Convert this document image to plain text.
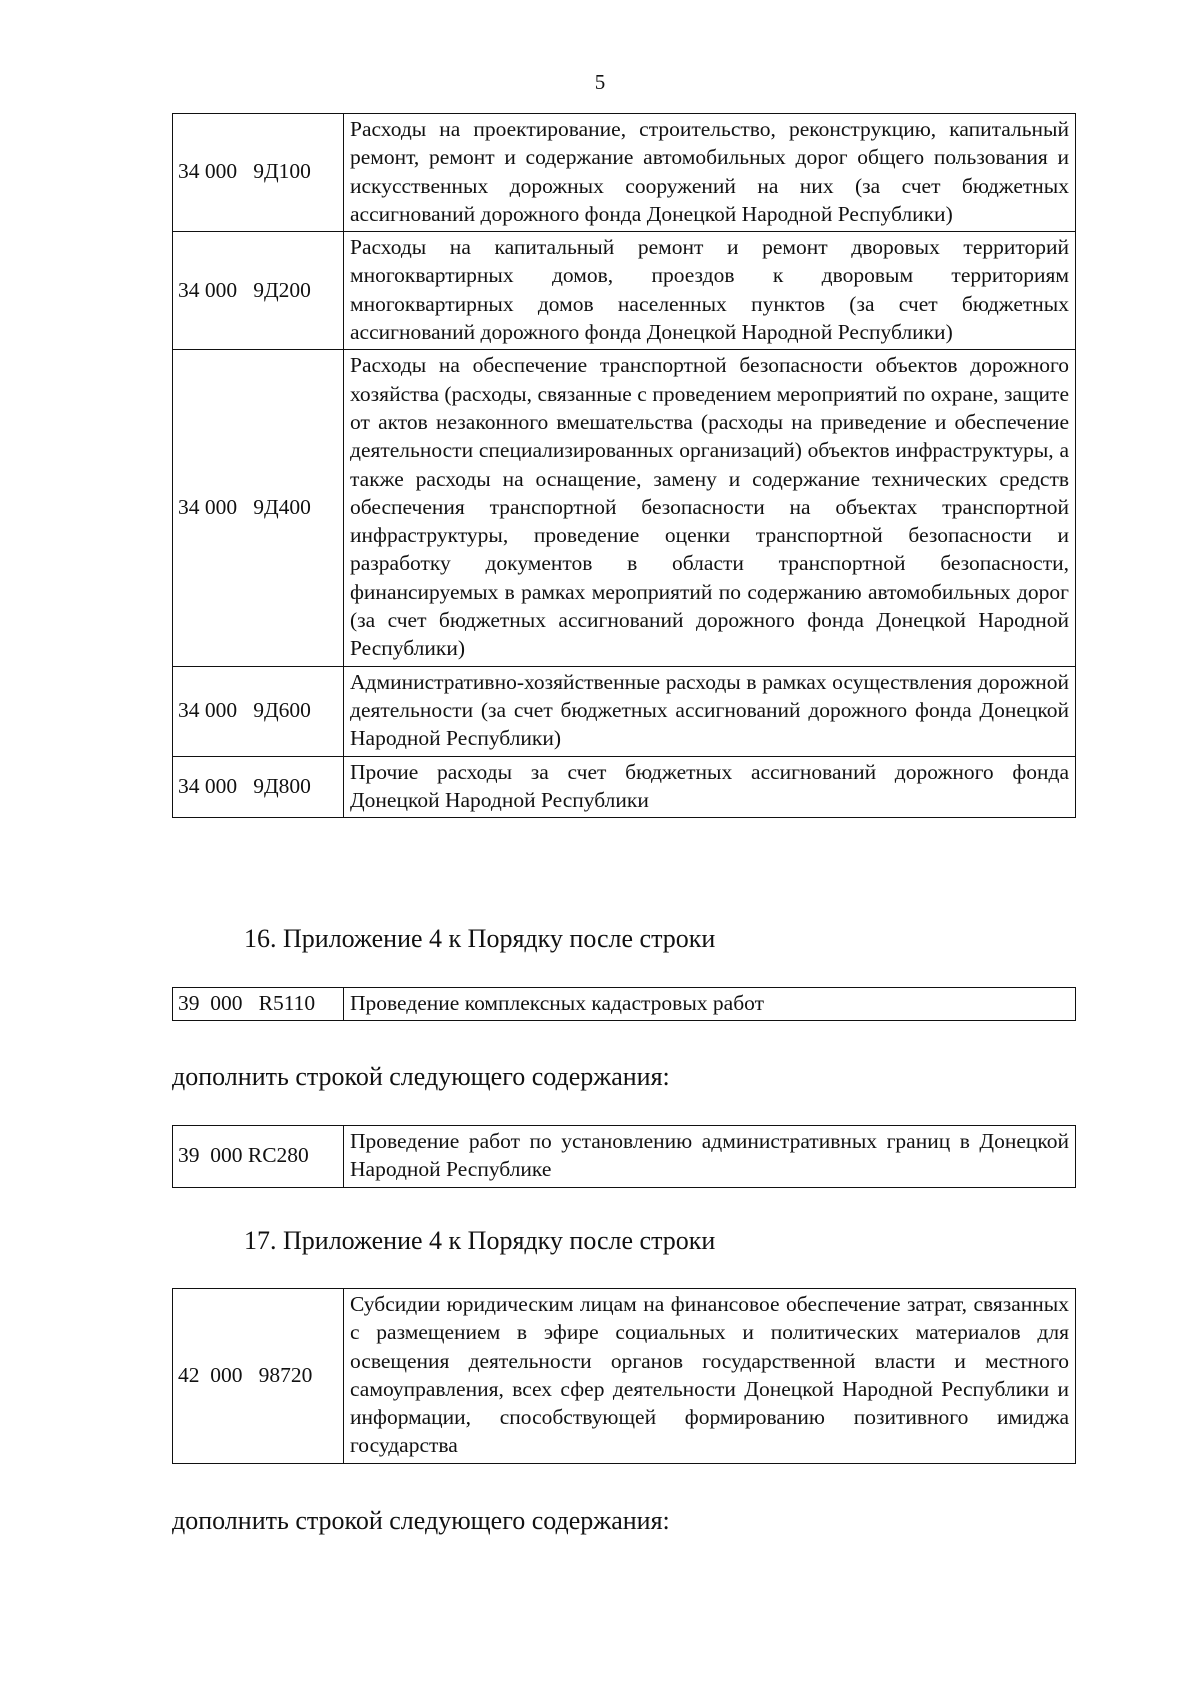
5
34 000   9Д100	Расходы на проектирование, строительство, реконструкцию, капитальный ремонт, ремонт и содержание автомобильных дорог общего пользования и искусственных дорожных сооружений на них (за счет бюджетных ассигнований дорожного фонда Донецкой Народной Республики)
34 000   9Д200	Расходы на капитальный ремонт и ремонт дворовых территорий многоквартирных домов, проездов к дворовым территориям многоквартирных домов населенных пунктов (за счет бюджетных ассигнований дорожного фонда Донецкой Народной Республики)
34 000   9Д400	Расходы на обеспечение транспортной безопасности объектов дорожного хозяйства (расходы, связанные с проведением мероприятий по охране, защите от актов незаконного вмешательства (расходы на приведение и обеспечение деятельности специализированных организаций) объектов инфраструктуры, а также расходы на оснащение, замену и содержание технических средств обеспечения транспортной безопасности на объектах транспортной инфраструктуры, проведение оценки транспортной безопасности и разработку документов в области транспортной безопасности, финансируемых в рамках мероприятий по содержанию автомобильных дорог (за счет бюджетных ассигнований дорожного фонда Донецкой Народной Республики)
34 000   9Д600	Административно-хозяйственные расходы в рамках осуществления дорожной деятельности (за счет бюджетных ассигнований дорожного фонда Донецкой Народной Республики)
34 000   9Д800	Прочие расходы за счет бюджетных ассигнований дорожного фонда Донецкой Народной Республики
16. Приложение 4 к Порядку после строки
39  000   R5110	Проведение комплексных кадастровых работ
дополнить строкой следующего содержания:
39  000 RC280	Проведение работ по установлению административных границ в Донецкой Народной Республике
17. Приложение 4 к Порядку после строки
42  000   98720	Субсидии юридическим лицам на финансовое обеспечение затрат, связанных с размещением в эфире социальных и политических материалов для освещения деятельности органов государственной власти и местного самоуправления, всех сфер деятельности Донецкой Народной Республики и информации, способствующей формированию позитивного имиджа государства
дополнить строкой следующего содержания:
